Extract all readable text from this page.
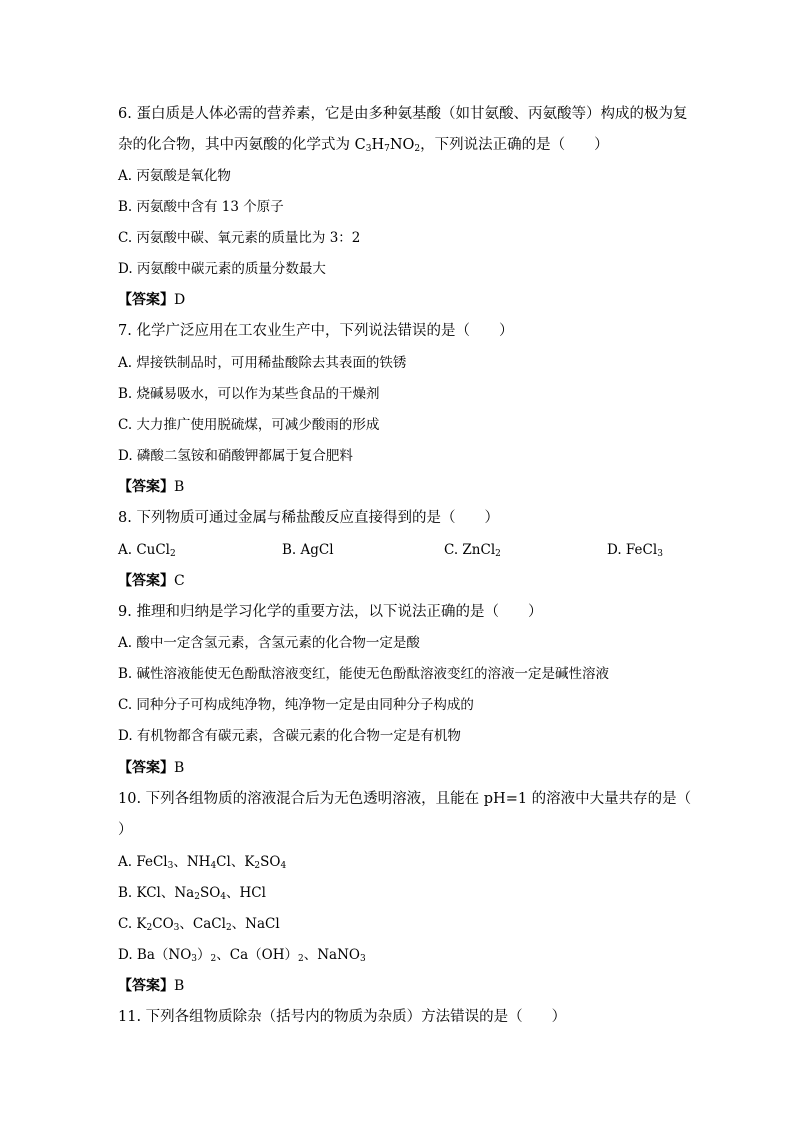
6. 蛋白质是人体必需的营养素，它是由多种氨基酸（如甘氨酸、丙氨酸等）构成的极为复
杂的化合物，其中丙氨酸的化学式为 $C_3H_7NO_2$，下列说法正确的是（　　）
A. 丙氨酸是氧化物
B. 丙氨酸中含有 13 个原子
C. 丙氨酸中碳、氧元素的质量比为 3：2
D. 丙氨酸中碳元素的质量分数最大
【答案】D
7. 化学广泛应用在工农业生产中，下列说法错误的是（　　）
A. 焊接铁制品时，可用稀盐酸除去其表面的铁锈
B. 烧碱易吸水，可以作为某些食品的干燥剂
C. 大力推广使用脱硫煤，可减少酸雨的形成
D. 磷酸二氢铵和硝酸钾都属于复合肥料
【答案】B
8. 下列物质可通过金属与稀盐酸反应直接得到的是（　　）
A. CuCl$_2$	B. AgCl	C. ZnCl$_2$	D. FeCl$_3$
【答案】C
9. 推理和归纳是学习化学的重要方法，以下说法正确的是（　　）
A. 酸中一定含氢元素，含氢元素的化合物一定是酸
B. 碱性溶液能使无色酚酞溶液变红，能使无色酚酞溶液变红的溶液一定是碱性溶液
C. 同种分子可构成纯净物，纯净物一定是由同种分子构成的
D. 有机物都含有碳元素，含碳元素的化合物一定是有机物
【答案】B
10. 下列各组物质的溶液混合后为无色透明溶液，且能在 pH=1 的溶液中大量共存的是（
）
A. FeCl$_3$、$NH_4Cl$、$K_2SO_4$
B. KCl、$Na_2SO_4$、HCl
C. $K_2CO_3$、CaCl$_2$、NaCl
D. $Ba(NO_3)_2$、$Ca(OH)_2$、NaNO$_3$
【答案】B
11. 下列各组物质除杂（括号内的物质为杂质）方法错误的是（　　）
